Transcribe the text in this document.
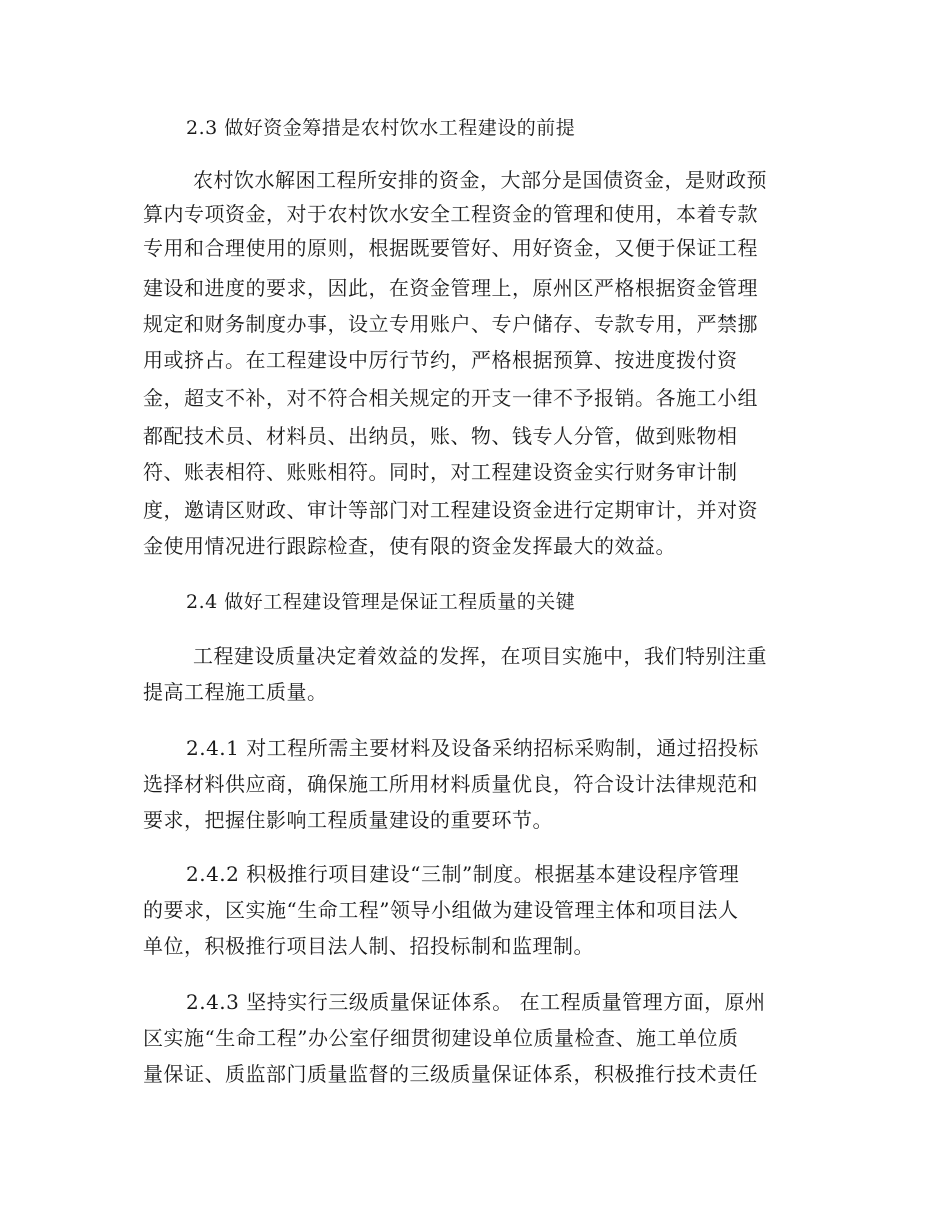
2.3 做好资金筹措是农村饮水工程建设的前提
农村饮水解困工程所安排的资金，大部分是国债资金，是财政预
算内专项资金，对于农村饮水安全工程资金的管理和使用，本着专款
专用和合理使用的原则，根据既要管好、用好资金，又便于保证工程
建设和进度的要求，因此，在资金管理上，原州区严格根据资金管理
规定和财务制度办事，设立专用账户、专户储存、专款专用，严禁挪
用或挤占。在工程建设中厉行节约，严格根据预算、按进度拨付资
金，超支不补，对不符合相关规定的开支一律不予报销。各施工小组
都配技术员、材料员、出纳员，账、物、钱专人分管，做到账物相
符、账表相符、账账相符。同时，对工程建设资金实行财务审计制
度，邀请区财政、审计等部门对工程建设资金进行定期审计，并对资
金使用情况进行跟踪检查，使有限的资金发挥最大的效益。
2.4 做好工程建设管理是保证工程质量的关键
工程建设质量决定着效益的发挥，在项目实施中，我们特别注重
提高工程施工质量。
2.4.1 对工程所需主要材料及设备采纳招标采购制，通过招投标
选择材料供应商，确保施工所用材料质量优良，符合设计法律规范和
要求，把握住影响工程质量建设的重要环节。
2.4.2 积极推行项目建设“三制”制度。根据基本建设程序管理
的要求，区实施“生命工程”领导小组做为建设管理主体和项目法人
单位，积极推行项目法人制、招投标制和监理制。
2.4.3 坚持实行三级质量保证体系。 在工程质量管理方面，原州
区实施“生命工程”办公室仔细贯彻建设单位质量检查、施工单位质
量保证、质监部门质量监督的三级质量保证体系，积极推行技术责任
